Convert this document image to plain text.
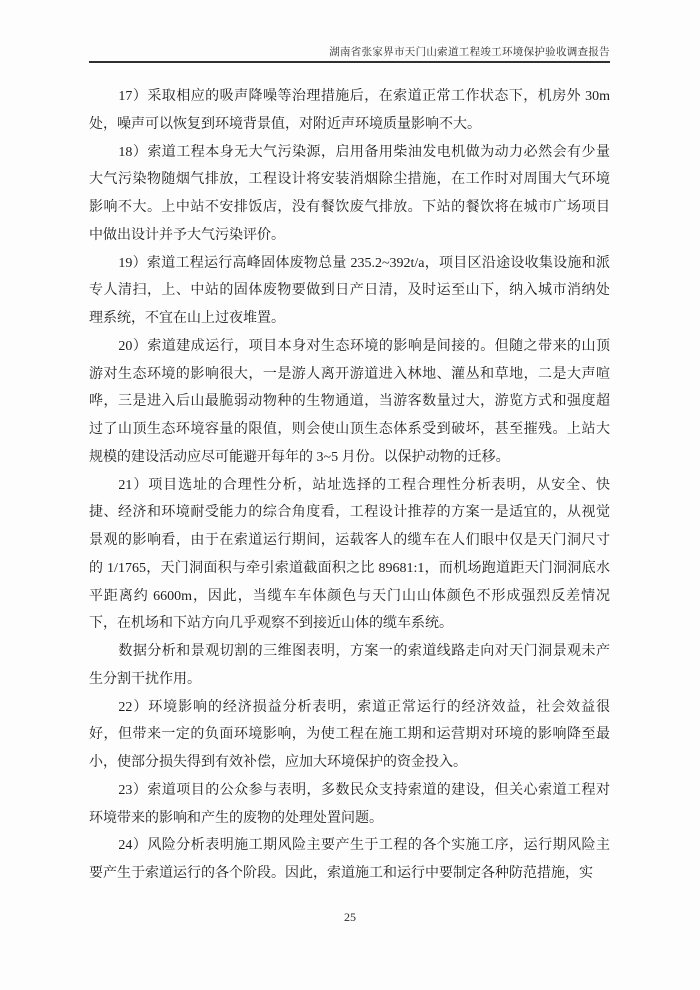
湖南省张家界市天门山索道工程竣工环境保护验收调查报告
17）采取相应的吸声降噪等治理措施后，在索道正常工作状态下，机房外 30m
处，噪声可以恢复到环境背景值，对附近声环境质量影响不大。
18）索道工程本身无大气污染源，启用备用柴油发电机做为动力必然会有少量
大气污染物随烟气排放，工程设计将安装消烟除尘措施，在工作时对周围大气环境
影响不大。上中站不安排饭店，没有餐饮废气排放。下站的餐饮将在城市广场项目
中做出设计并予大气污染评价。
19）索道工程运行高峰固体废物总量 235.2~392t/a，项目区沿途设收集设施和派
专人清扫，上、中站的固体废物要做到日产日清，及时运至山下，纳入城市消纳处
理系统，不宜在山上过夜堆置。
20）索道建成运行，项目本身对生态环境的影响是间接的。但随之带来的山顶
游对生态环境的影响很大，一是游人离开游道进入林地、灌丛和草地，二是大声喧
哗，三是进入后山最脆弱动物种的生物通道，当游客数量过大，游览方式和强度超
过了山顶生态环境容量的限值，则会使山顶生态体系受到破坏，甚至摧残。上站大
规模的建设活动应尽可能避开每年的 3~5 月份。以保护动物的迁移。
21）项目选址的合理性分析，站址选择的工程合理性分析表明，从安全、快
捷、经济和环境耐受能力的综合角度看，工程设计推荐的方案一是适宜的，从视觉
景观的影响看，由于在索道运行期间，运载客人的缆车在人们眼中仅是天门洞尺寸
的 1/1765，天门洞面积与牵引索道截面积之比 89681:1，而机场跑道距天门洞洞底水
平距离约 6600m，因此，当缆车车体颜色与天门山山体颜色不形成强烈反差情况
下，在机场和下站方向几乎观察不到接近山体的缆车系统。
数据分析和景观切割的三维图表明，方案一的索道线路走向对天门洞景观未产
生分割干扰作用。
22）环境影响的经济损益分析表明，索道正常运行的经济效益，社会效益很
好，但带来一定的负面环境影响，为使工程在施工期和运营期对环境的影响降至最
小，使部分损失得到有效补偿，应加大环境保护的资金投入。
23）索道项目的公众参与表明，多数民众支持索道的建设，但关心索道工程对
环境带来的影响和产生的废物的处理处置问题。
24）风险分析表明施工期风险主要产生于工程的各个实施工序，运行期风险主
要产生于索道运行的各个阶段。因此，索道施工和运行中要制定各种防范措施，实
25
